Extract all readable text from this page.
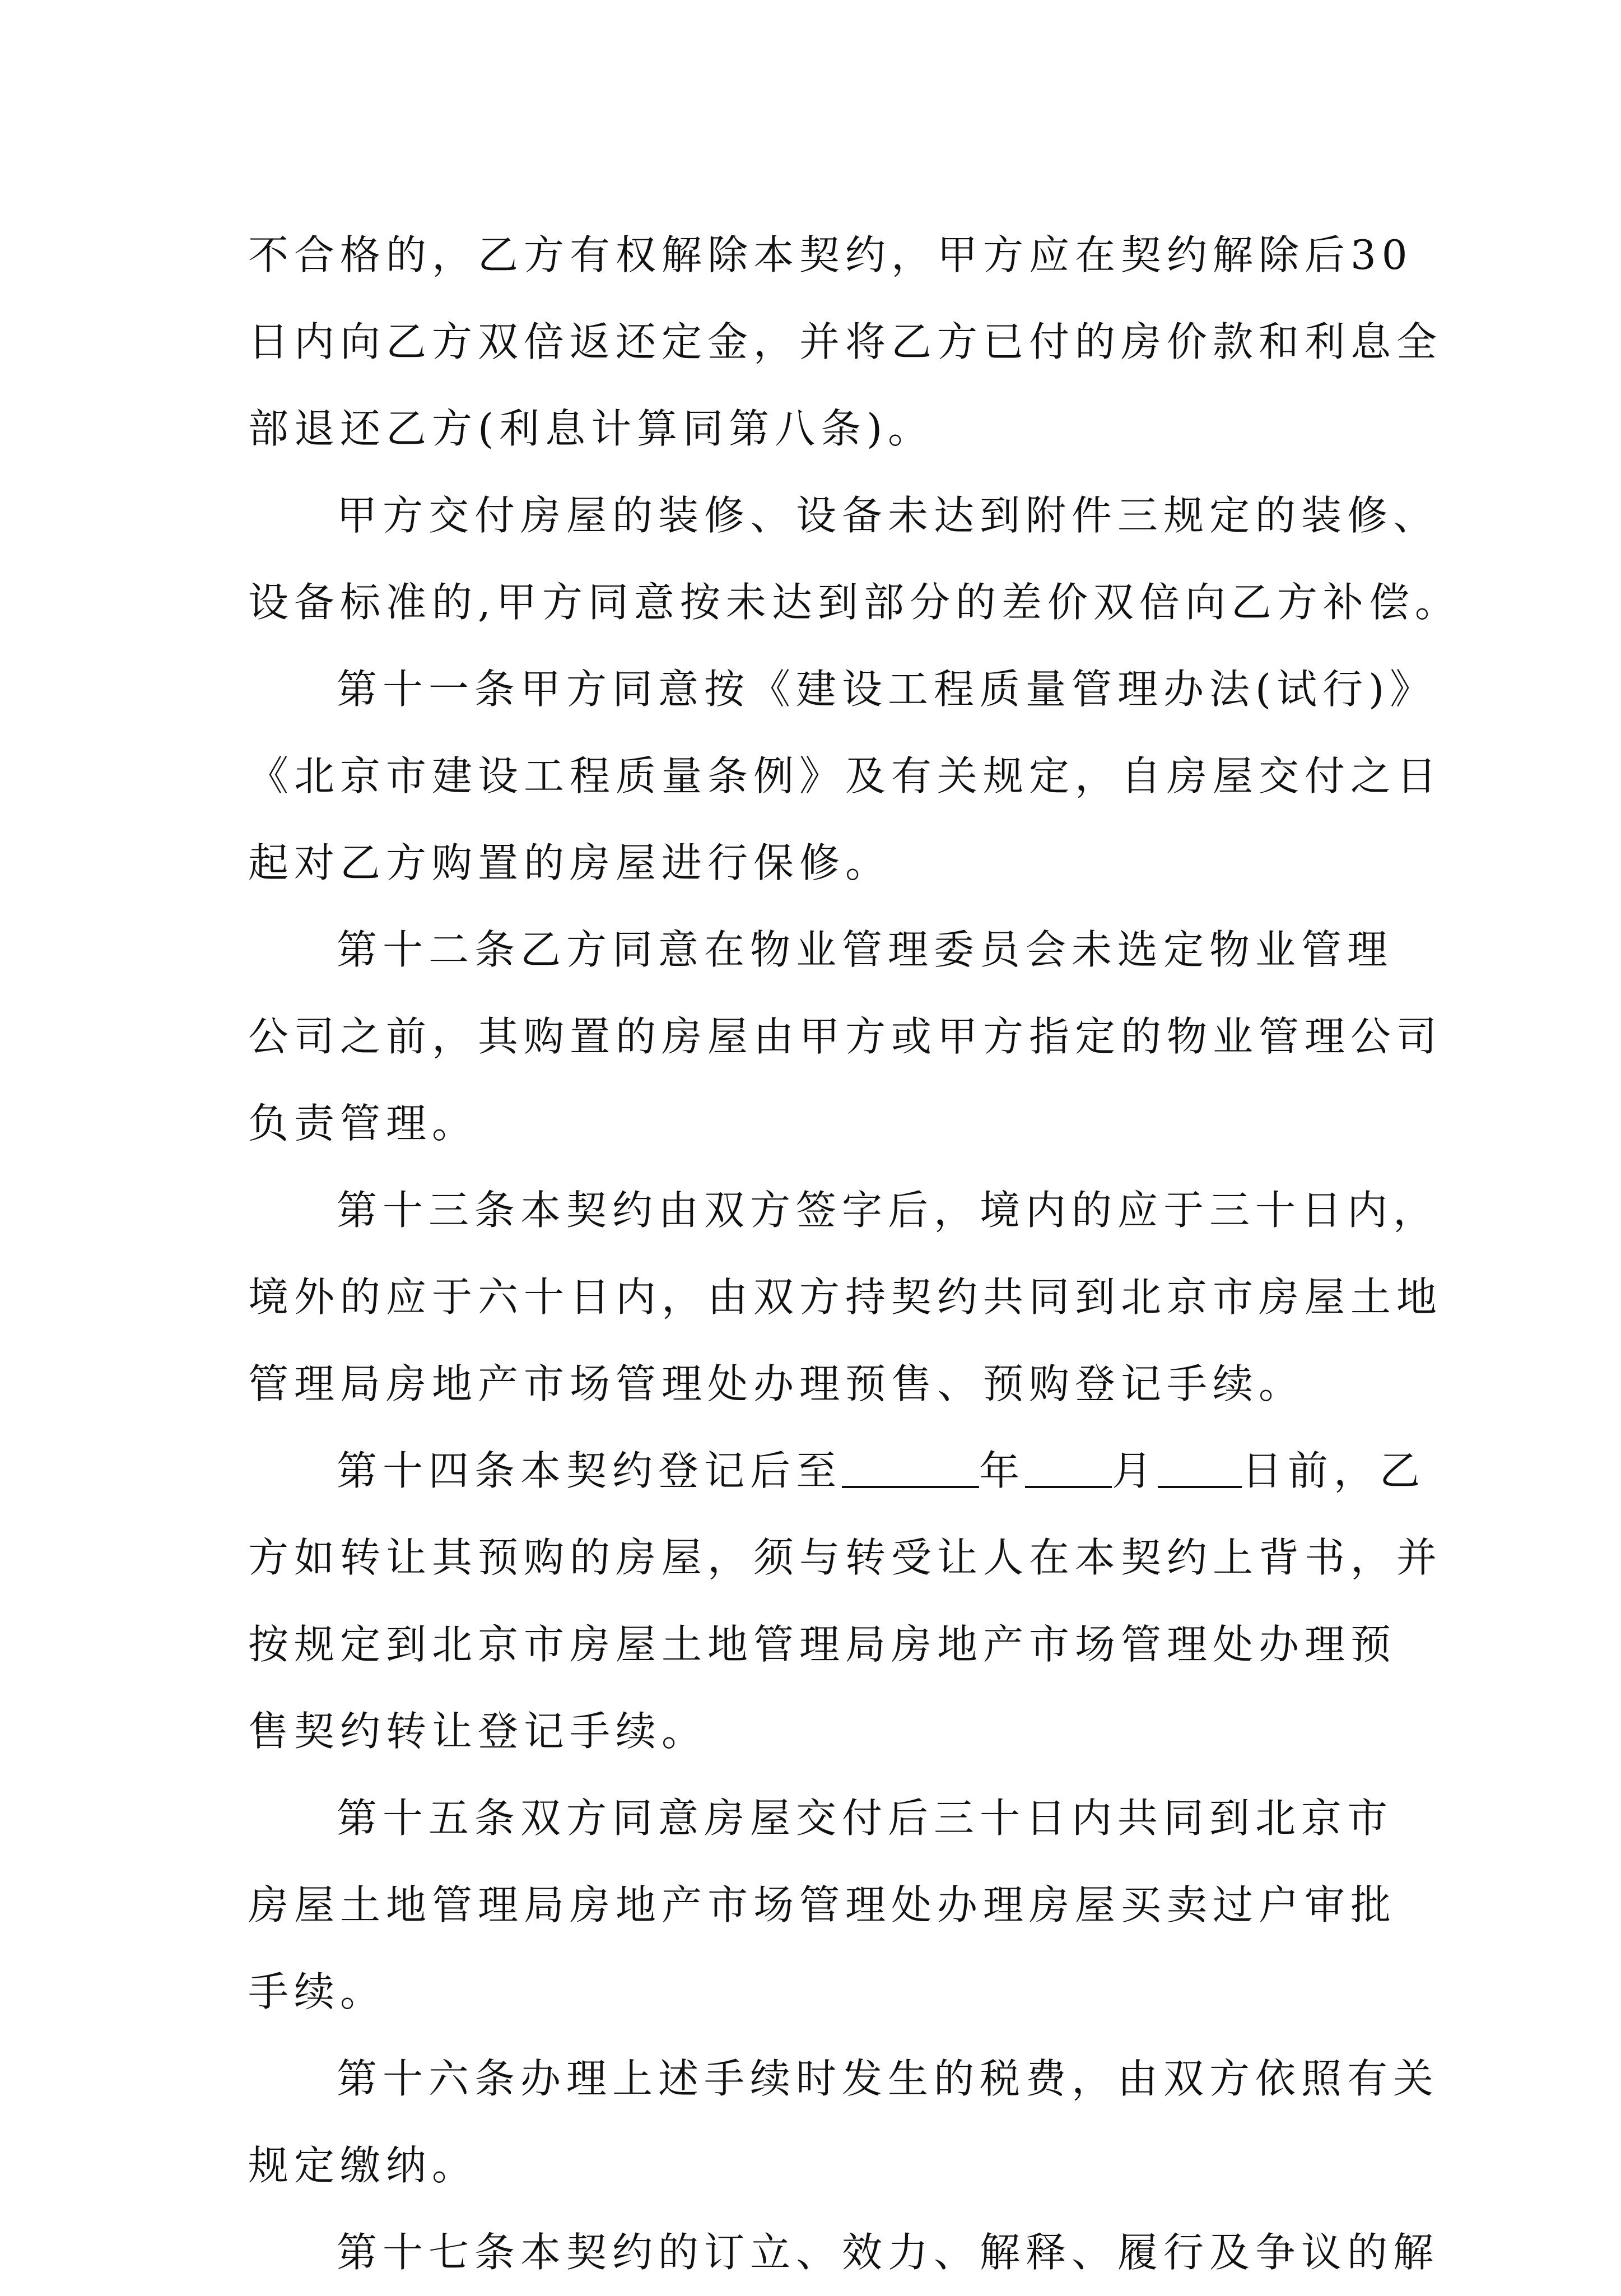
不合格的，乙方有权解除本契约，甲方应在契约解除后30
日内向乙方双倍返还定金，并将乙方已付的房价款和利息全
部退还乙方(利息计算同第八条)。
甲方交付房屋的装修、设备未达到附件三规定的装修、
设备标准的,甲方同意按未达到部分的差价双倍向乙方补偿。
第十一条甲方同意按《建设工程质量管理办法(试行)》
《北京市建设工程质量条例》及有关规定，自房屋交付之日
起对乙方购置的房屋进行保修。
第十二条乙方同意在物业管理委员会未选定物业管理
公司之前，其购置的房屋由甲方或甲方指定的物业管理公司
负责管理。
第十三条本契约由双方签字后，境内的应于三十日内，
境外的应于六十日内，由双方持契约共同到北京市房屋土地
管理局房地产市场管理处办理预售、预购登记手续。
第十四条本契约登记后至	年 月 日前，乙
方如转让其预购的房屋，须与转受让人在本契约上背书，并
按规定到北京市房屋土地管理局房地产市场管理处办理预
售契约转让登记手续。
第十五条双方同意房屋交付后三十日内共同到北京市
房屋土地管理局房地产市场管理处办理房屋买卖过户审批
手续。
第十六条办理上述手续时发生的税费，由双方依照有关
规定缴纳。
第十七条本契约的订立、效力、解释、履行及争议的解
